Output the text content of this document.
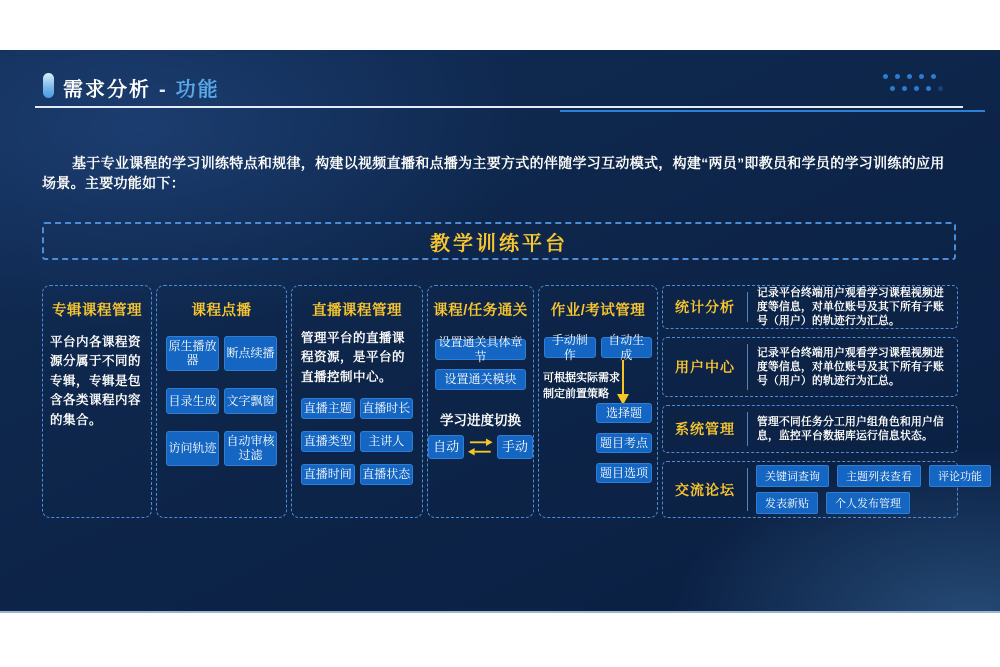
需求分析 - 功能

基于专业课程的学习训练特点和规律，构建以视频直播和点播为主要方式的伴随学习互动模式，构建“两员”即教员和学员的学习训练的应用场景。主要功能如下：

教学训练平台
专辑课程管理
平台内各课程资源分属于不同的专辑，专辑是包含各类课程内容的集合。
课程点播
原生播放器
断点续播
目录生成 文字飘窗
访问轨迹
自动审核过滤
直播课程管理
管理平台的直播课程资源，是平台的直播控制中心。
直播主题 直播时长
直播类型	主讲人
直播时间 直播状态
课程/任务通关
设置通关具体章节
设置通关模块
学习进度切换
自动	手动
作业/考试管理
手动制作
自动生成
可根据实际需求制定前置策略
选择题
题目考点
题目选项
统计分析
记录平台终端用户观看学习课程视频进度等信息，对单位账号及其下所有子账号（用户）的轨迹行为汇总。
用户中心
记录平台终端用户观看学习课程视频进度等信息，对单位账号及其下所有子账号（用户）的轨迹行为汇总。
系统管理	管理不同任务分工用户组角色和用户信息，监控平台数据库运行信息状态。
交流论坛
关键词查询	主题列表查看	评论功能
发表新贴	个人发布管理
